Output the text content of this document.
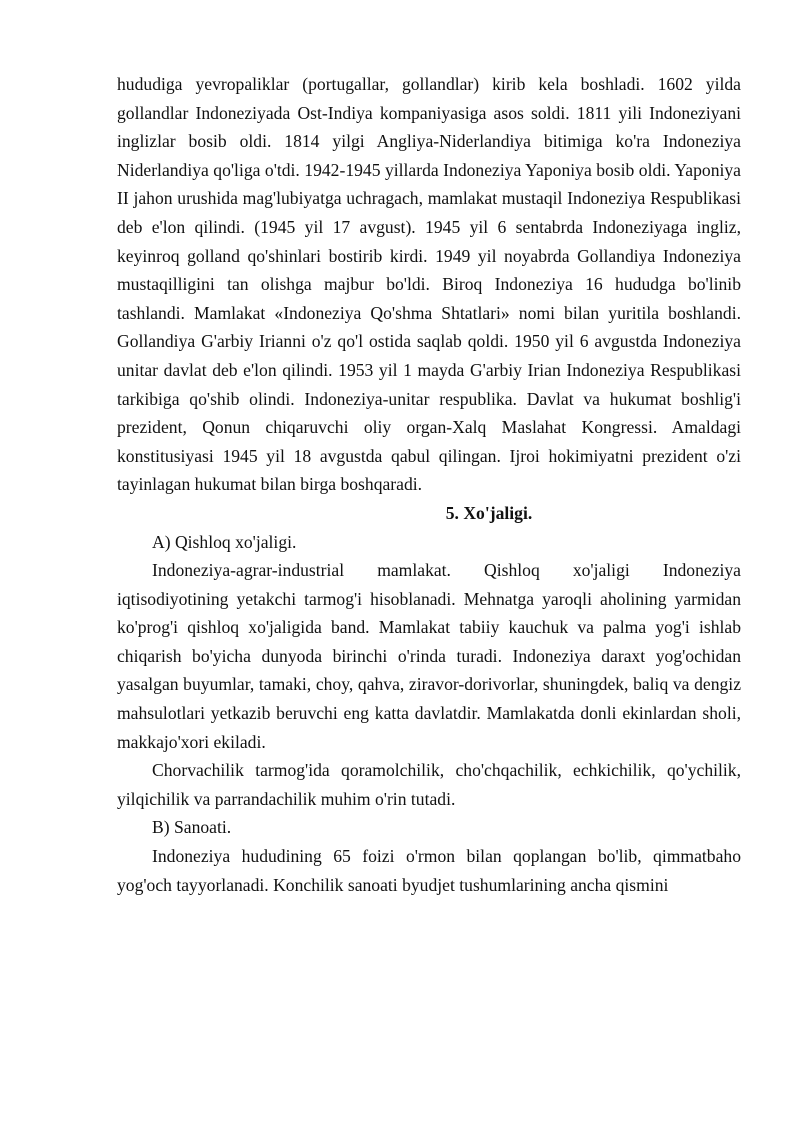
hududiga yevropaliklar (portugallar, gollandlar) kirib kela boshladi. 1602 yilda gollandlar Indoneziyada Ost-Indiya kompaniyasiga asos soldi. 1811 yili Indoneziyani inglizlar bosib oldi. 1814 yilgi Angliya-Niderlandiya bitimiga ko'ra Indoneziya Niderlandiya qo'liga o'tdi. 1942-1945 yillarda Indoneziya Yaponiya bosib oldi. Yaponiya II jahon urushida mag'lubiyatga uchragach, mamlakat mustaqil Indoneziya Respublikasi deb e'lon qilindi. (1945 yil 17 avgust). 1945 yil 6 sentabrda Indoneziyaga ingliz, keyinroq golland qo'shinlari bostirib kirdi. 1949 yil noyabrda Gollandiya Indoneziya mustaqilligini tan olishga majbur bo'ldi. Biroq Indoneziya 16 hududga bo'linib tashlandi. Mamlakat «Indoneziya Qo'shma Shtatlari» nomi bilan yuritila boshlandi. Gollandiya G'arbiy Irianni o'z qo'l ostida saqlab qoldi. 1950 yil 6 avgustda Indoneziya unitar davlat deb e'lon qilindi. 1953 yil 1 mayda G'arbiy Irian Indoneziya Respublikasi tarkibiga qo'shib olindi. Indoneziya-unitar respublika. Davlat va hukumat boshlig'i prezident, Qonun chiqaruvchi oliy organ-Xalq Maslahat Kongressi. Amaldagi konstitusiyasi 1945 yil 18 avgustda qabul qilingan. Ijroi hokimiyatni prezident o'zi tayinlagan hukumat bilan birga boshqaradi.

5. Xo'jaligi.

A) Qishloq xo'jaligi.

Indoneziya-agrar-industrial mamlakat. Qishloq xo'jaligi Indoneziya iqtisodiyotining yetakchi tarmog'i hisoblanadi. Mehnatga yaroqli aholining yarmidan ko'prog'i qishloq xo'jaligida band. Mamlakat tabiiy kauchuk va palma yog'i ishlab chiqarish bo'yicha dunyoda birinchi o'rinda turadi. Indoneziya daraxt yog'ochidan yasalgan buyumlar, tamaki, choy, qahva, ziravor-dorivorlar, shuningdek, baliq va dengiz mahsulotlari yetkazib beruvchi eng katta davlatdir. Mamlakatda donli ekinlardan sholi, makkajo'xori ekiladi.

Chorvachilik tarmog'ida qoramolchilik, cho'chqachilik, echkichilik, qo'ychilik, yilqichilik va parrandachilik muhim o'rin tutadi.

B) Sanoati.

Indoneziya hududining 65 foizi o'rmon bilan qoplangan bo'lib, qimmatbaho yog'och tayyorlanadi. Konchilik sanoati byudjet tushumlarining ancha qismini
